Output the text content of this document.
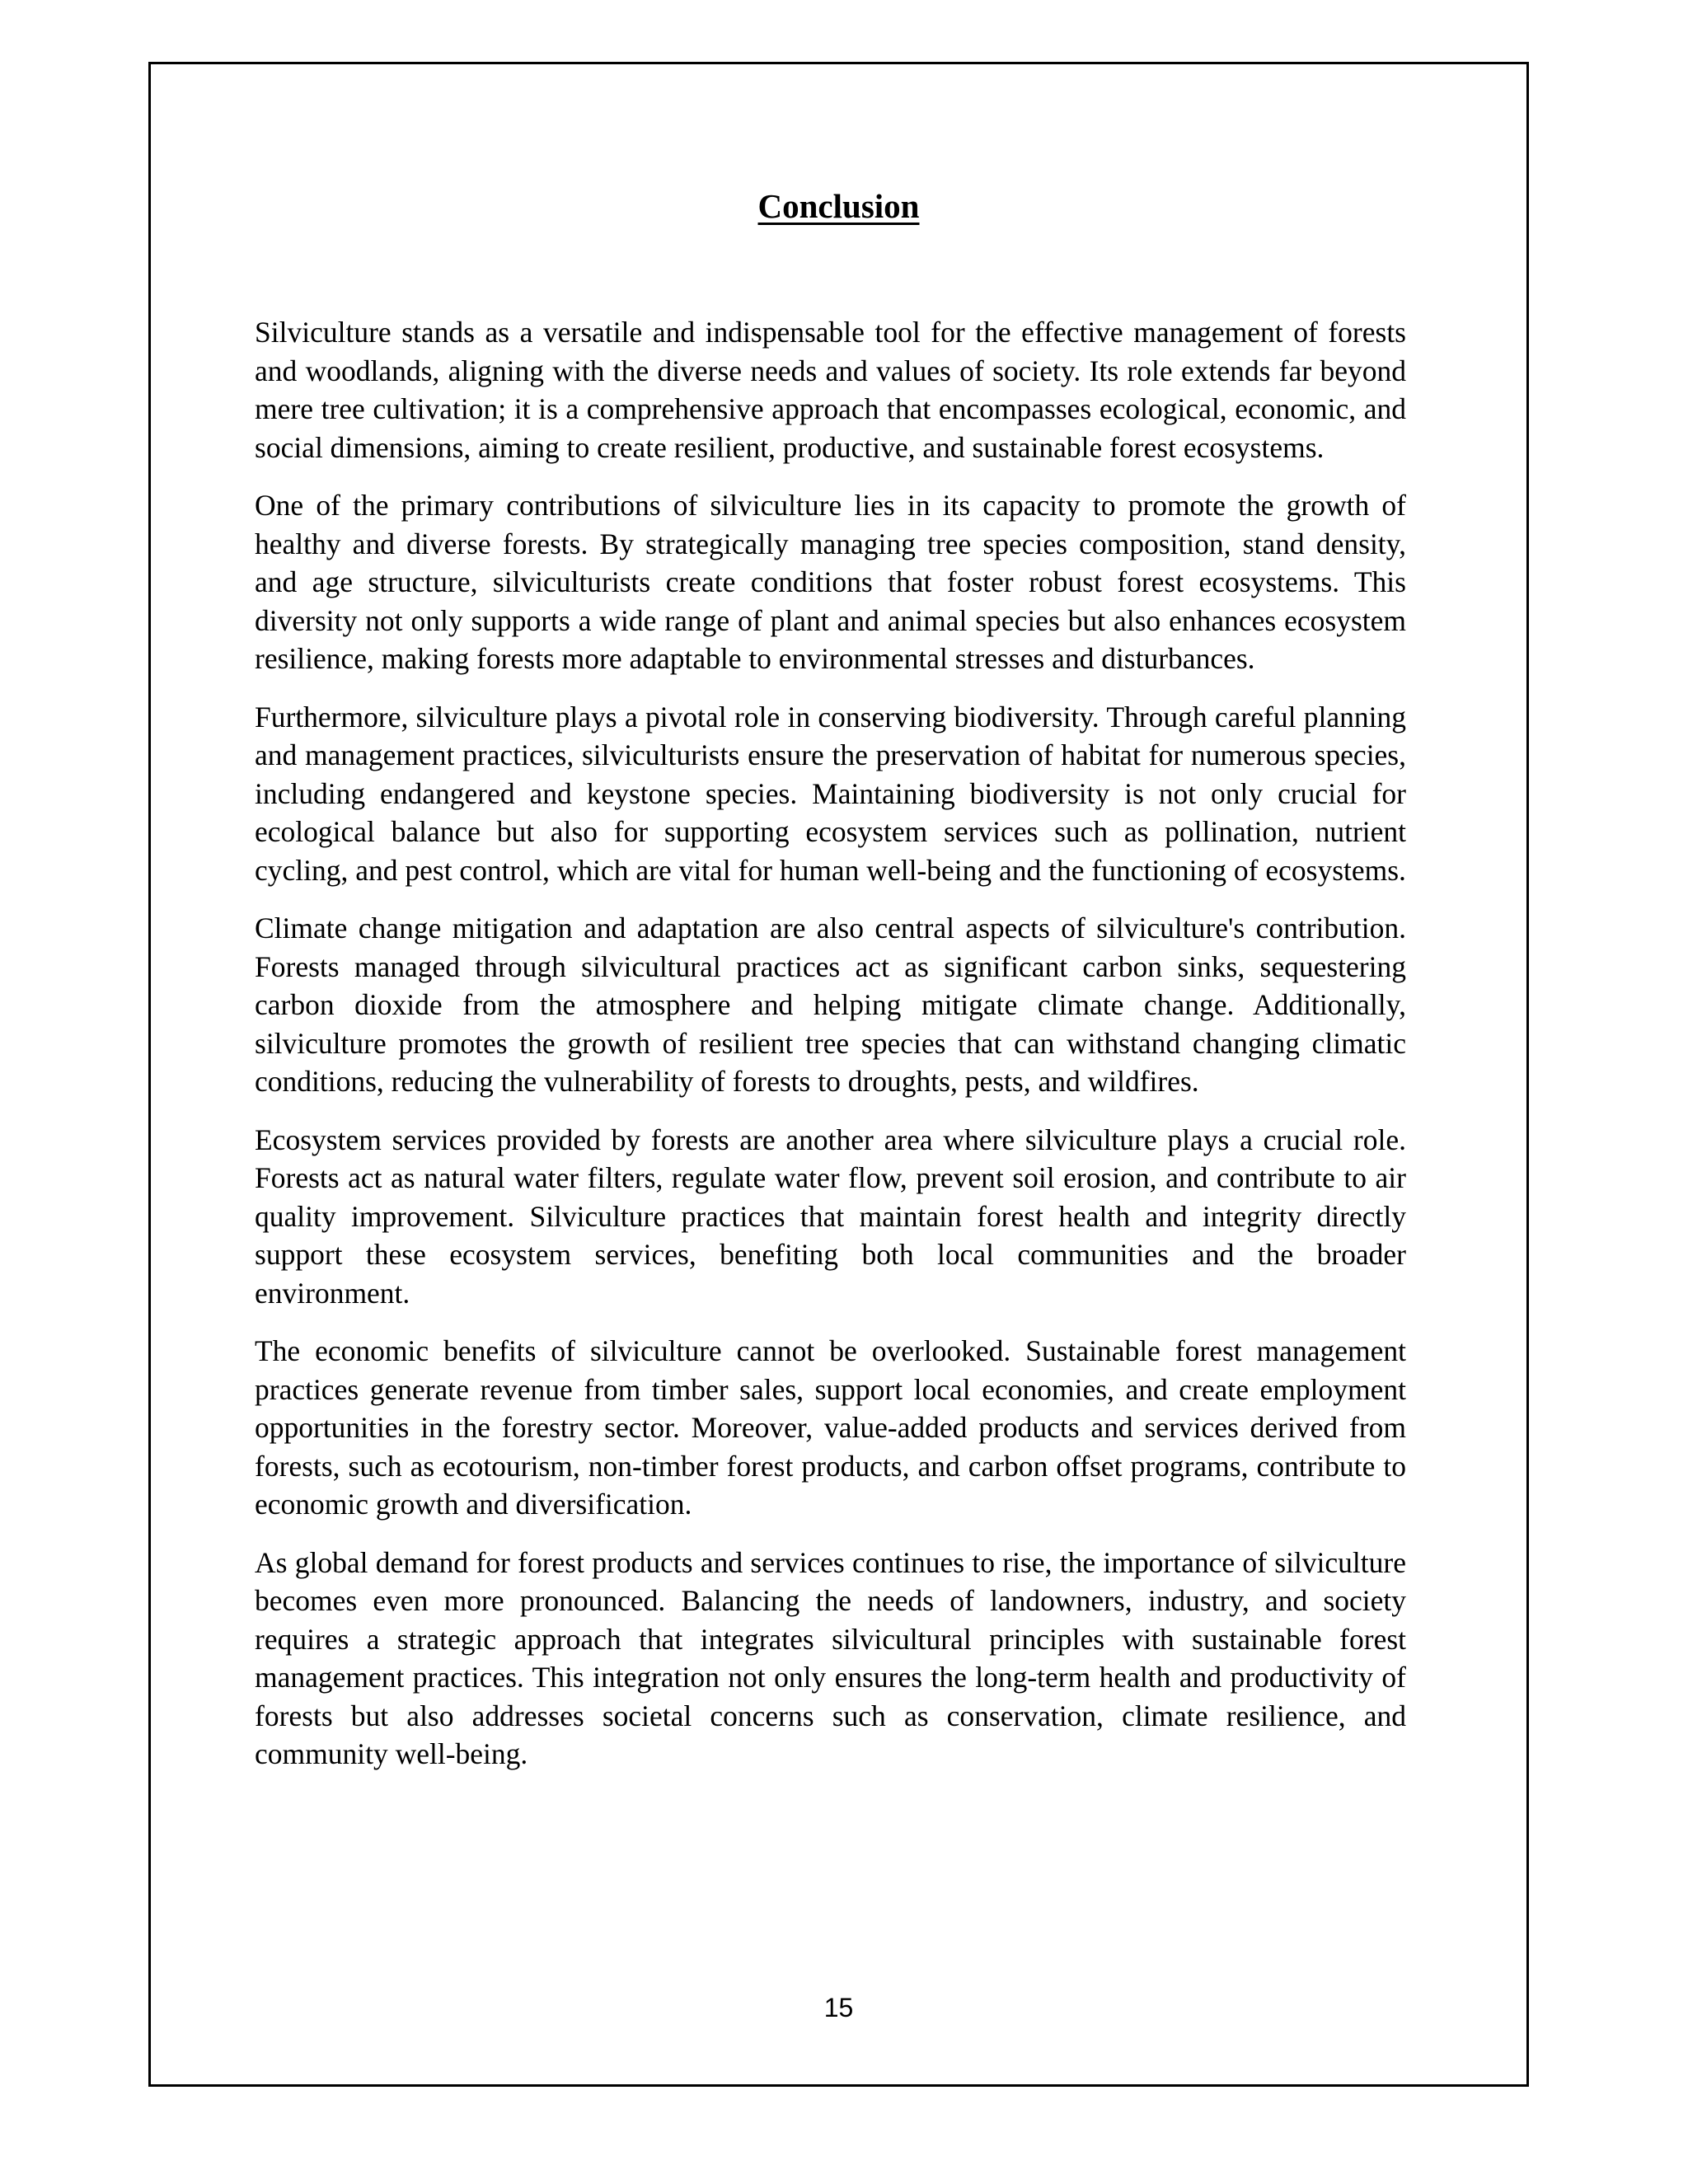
Conclusion

Silviculture stands as a versatile and indispensable tool for the effective management of forests and woodlands, aligning with the diverse needs and values of society. Its role extends far beyond mere tree cultivation; it is a comprehensive approach that encompasses ecological, economic, and social dimensions, aiming to create resilient, productive, and sustainable forest ecosystems.

One of the primary contributions of silviculture lies in its capacity to promote the growth of healthy and diverse forests. By strategically managing tree species composition, stand density, and age structure, silviculturists create conditions that foster robust forest ecosystems. This diversity not only supports a wide range of plant and animal species but also enhances ecosystem resilience, making forests more adaptable to environmental stresses and disturbances.

Furthermore, silviculture plays a pivotal role in conserving biodiversity. Through careful planning and management practices, silviculturists ensure the preservation of habitat for numerous species, including endangered and keystone species. Maintaining biodiversity is not only crucial for ecological balance but also for supporting ecosystem services such as pollination, nutrient cycling, and pest control, which are vital for human well-being and the functioning of ecosystems.

Climate change mitigation and adaptation are also central aspects of silviculture's contribution. Forests managed through silvicultural practices act as significant carbon sinks, sequestering carbon dioxide from the atmosphere and helping mitigate climate change. Additionally, silviculture promotes the growth of resilient tree species that can withstand changing climatic conditions, reducing the vulnerability of forests to droughts, pests, and wildfires.

Ecosystem services provided by forests are another area where silviculture plays a crucial role. Forests act as natural water filters, regulate water flow, prevent soil erosion, and contribute to air quality improvement. Silviculture practices that maintain forest health and integrity directly support these ecosystem services, benefiting both local communities and the broader environment.

The economic benefits of silviculture cannot be overlooked. Sustainable forest management practices generate revenue from timber sales, support local economies, and create employment opportunities in the forestry sector. Moreover, value-added products and services derived from forests, such as ecotourism, non-timber forest products, and carbon offset programs, contribute to economic growth and diversification.

As global demand for forest products and services continues to rise, the importance of silviculture becomes even more pronounced. Balancing the needs of landowners, industry, and society requires a strategic approach that integrates silvicultural principles with sustainable forest management practices. This integration not only ensures the long-term health and productivity of forests but also addresses societal concerns such as conservation, climate resilience, and community well-being.

15
